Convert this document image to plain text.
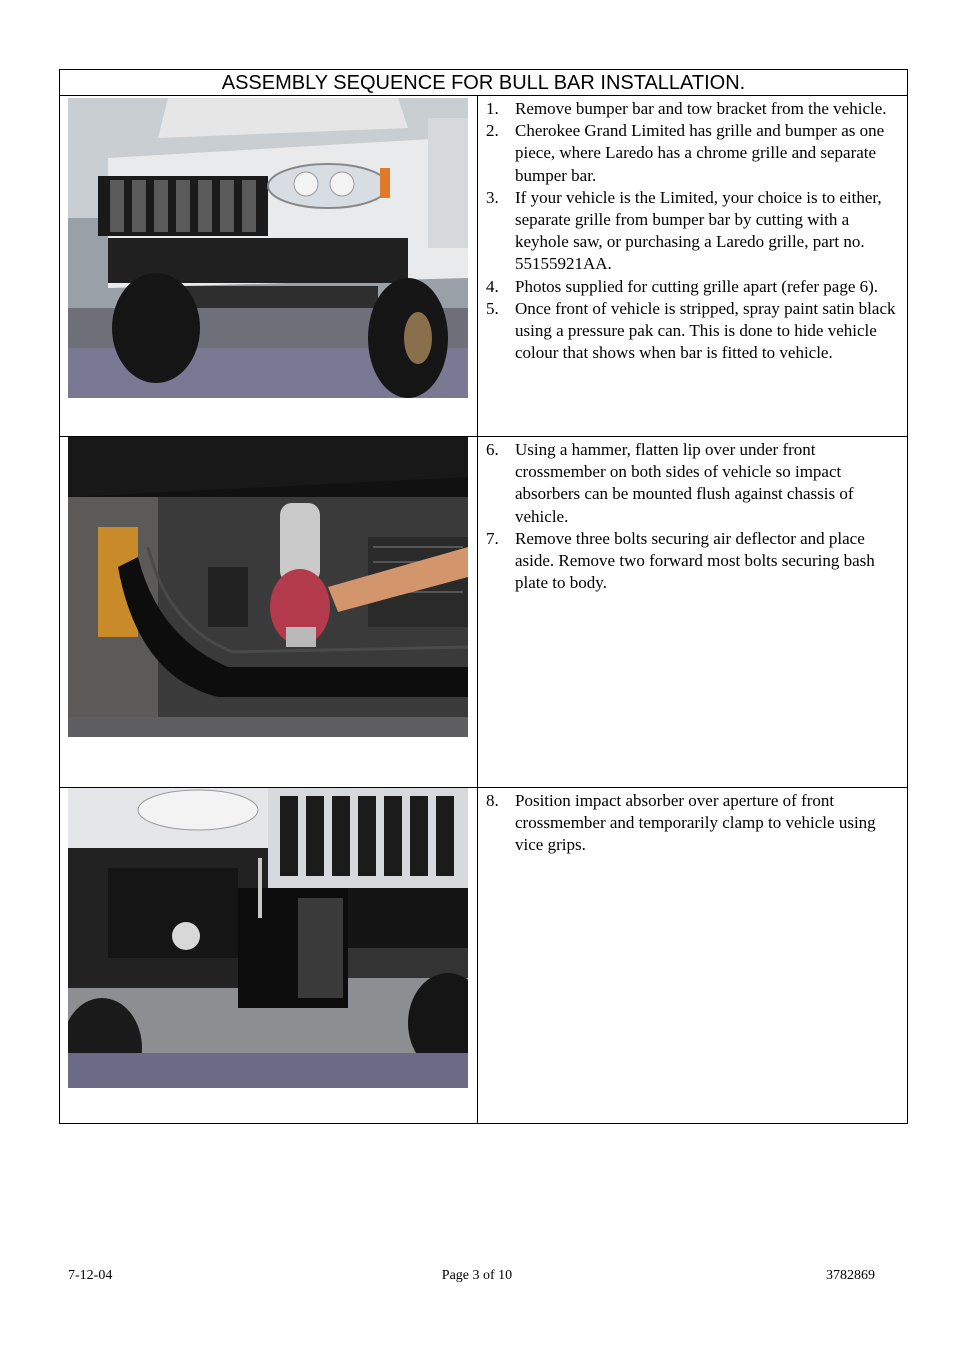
ASSEMBLY SEQUENCE FOR BULL BAR INSTALLATION.
1. Remove bumper bar and tow bracket from the vehicle.
2. Cherokee Grand Limited has grille and bumper as one piece, where Laredo has a chrome grille and separate bumper bar.
3. If your vehicle is the Limited, your choice is to either, separate grille from bumper bar by cutting with a keyhole saw, or purchasing a Laredo grille, part no. 55155921AA.
4. Photos supplied for cutting grille apart (refer page 6).
5. Once front of vehicle is stripped, spray paint satin black using a pressure pak can. This is done to hide vehicle colour that shows when bar is fitted to vehicle.
6. Using a hammer, flatten lip over under front crossmember on both sides of vehicle so impact absorbers can be mounted flush against chassis of vehicle.
7. Remove three bolts securing air deflector and place aside. Remove two forward most bolts securing bash plate to body.
8. Position impact absorber over aperture of front crossmember and temporarily clamp to vehicle using vice grips.
7-12-04	Page 3 of 10	3782869
